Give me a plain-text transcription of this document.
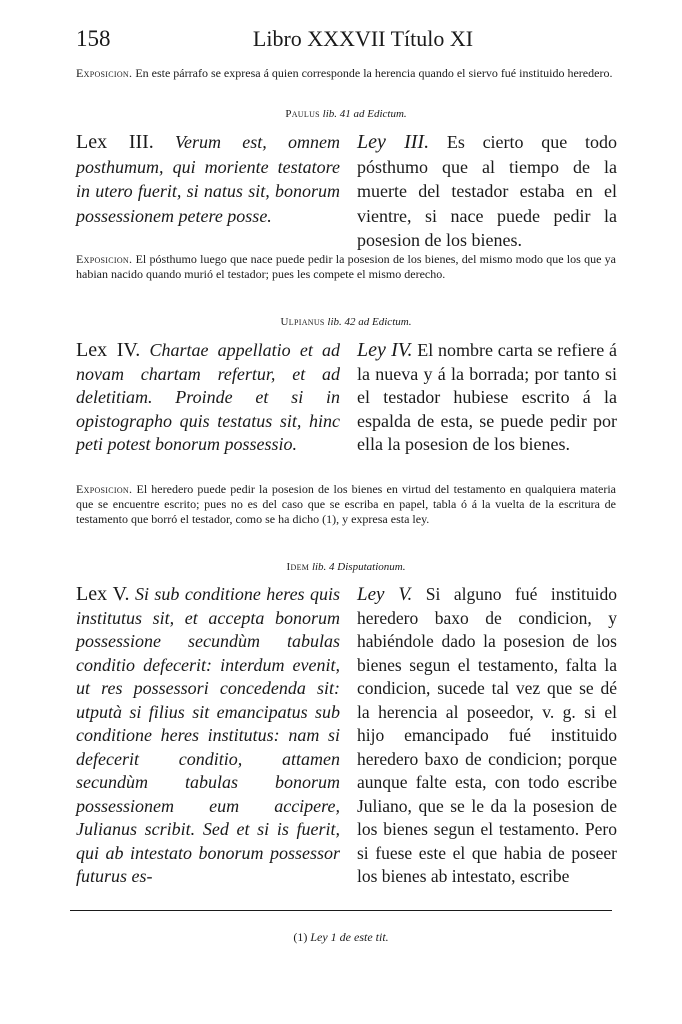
158	Libro XXXVII Título XI
Exposicion. En este párrafo se expresa á quien corresponde la herencia quando el siervo fué instituido heredero.
Paulus lib. 41 ad Edictum.

Lex III. Verum est, omnem posthumum, qui moriente testatore in utero fuerit, si natus sit, bonorum possessionem petere posse.

Ley III. Es cierto que todo pósthumo que al tiempo de la muerte del testador estaba en el vientre, si nace puede pedir la posesion de los bienes.

Exposicion. El pósthumo luego que nace puede pedir la posesion de los bienes, del mismo modo que los que ya habian nacido quando murió el testador; pues les compete el mismo derecho.
Ulpianus lib. 42 ad Edictum.

Lex IV. Chartae appellatio et ad novam chartam refertur, et ad deletitiam. Proinde et si in opistographo quis testatus sit, hinc peti potest bonorum possessio.

Ley IV. El nombre carta se refiere á la nueva y á la borrada; por tanto si el testador hubiese escrito á la espalda de esta, se puede pedir por ella la posesion de los bienes.

Exposicion. El heredero puede pedir la posesion de los bienes en virtud del testamento en qualquiera materia que se encuentre escrito; pues no es del caso que se escriba en papel, tabla ó á la vuelta de la escritura de testamento que borró el testador, como se ha dicho (1), y expresa esta ley.
Idem lib. 4 Disputationum.

Lex V. Si sub conditione heres quis institutus sit, et accepta bonorum possessione secundùm tabulas conditio defecerit: interdum evenit, ut res possessori concedenda sit: utputà si filius sit emancipatus sub conditione heres institutus: nam si defecerit conditio, attamen secundùm tabulas bonorum possessionem eum accipere, Julianus scribit. Sed et si is fuerit, qui ab intestato bonorum possessor futurus es-

Ley V. Si alguno fué instituido heredero baxo de condicion, y habiéndole dado la posesion de los bienes segun el testamento, falta la condicion, sucede tal vez que se dé la herencia al poseedor, v. g. si el hijo emancipado fué instituido heredero baxo de condicion; porque aunque falte esta, con todo escribe Juliano, que se le da la posesion de los bienes segun el testamento. Pero si fuese este el que habia de poseer los bienes ab intestato, escribe

(1) Ley 1 de este tit.
